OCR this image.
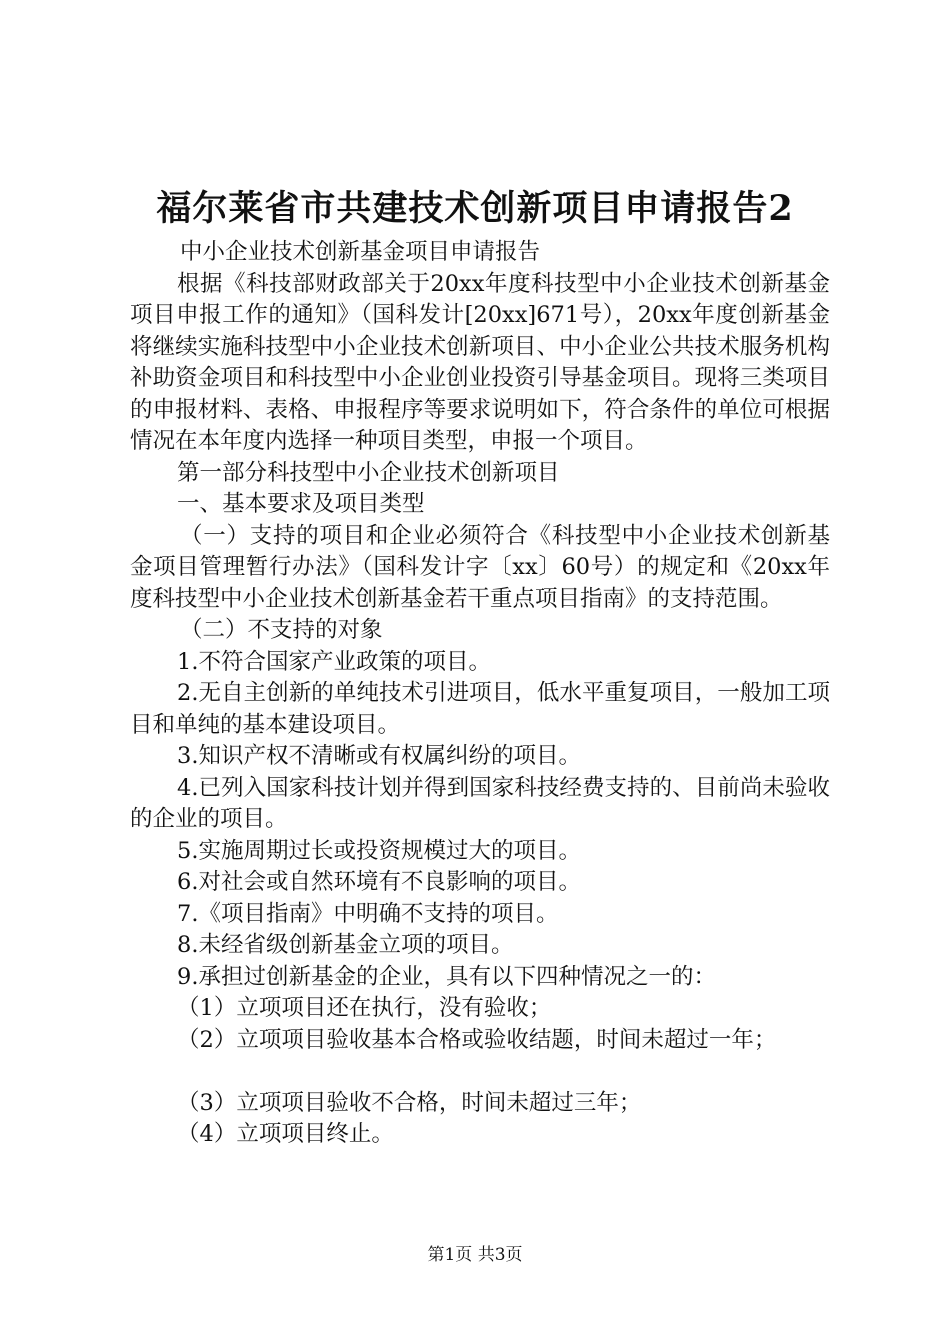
福尔莱省市共建技术创新项目申请报告2

中小企业技术创新基金项目申请报告

根据《科技部财政部关于20xx年度科技型中小企业技术创新基金项目申报工作的通知》（国科发计[20xx]671号），20xx年度创新基金将继续实施科技型中小企业技术创新项目、中小企业公共技术服务机构补助资金项目和科技型中小企业创业投资引导基金项目。现将三类项目的申报材料、表格、申报程序等要求说明如下，符合条件的单位可根据情况在本年度内选择一种项目类型，申报一个项目。

第一部分科技型中小企业技术创新项目

一、基本要求及项目类型

（一）支持的项目和企业必须符合《科技型中小企业技术创新基金项目管理暂行办法》（国科发计字〔xx〕60号）的规定和《20xx年度科技型中小企业技术创新基金若干重点项目指南》的支持范围。

（二）不支持的对象

1.不符合国家产业政策的项目。

2.无自主创新的单纯技术引进项目，低水平重复项目，一般加工项目和单纯的基本建设项目。

3.知识产权不清晰或有权属纠纷的项目。

4.已列入国家科技计划并得到国家科技经费支持的、目前尚未验收的企业的项目。

5.实施周期过长或投资规模过大的项目。

6.对社会或自然环境有不良影响的项目。

7.《项目指南》中明确不支持的项目。

8.未经省级创新基金立项的项目。

9.承担过创新基金的企业，具有以下四种情况之一的：

（1）立项项目还在执行，没有验收；

（2）立项项目验收基本合格或验收结题，时间未超过一年；

（3）立项项目验收不合格，时间未超过三年；

（4）立项项目终止。

第1页 共3页
